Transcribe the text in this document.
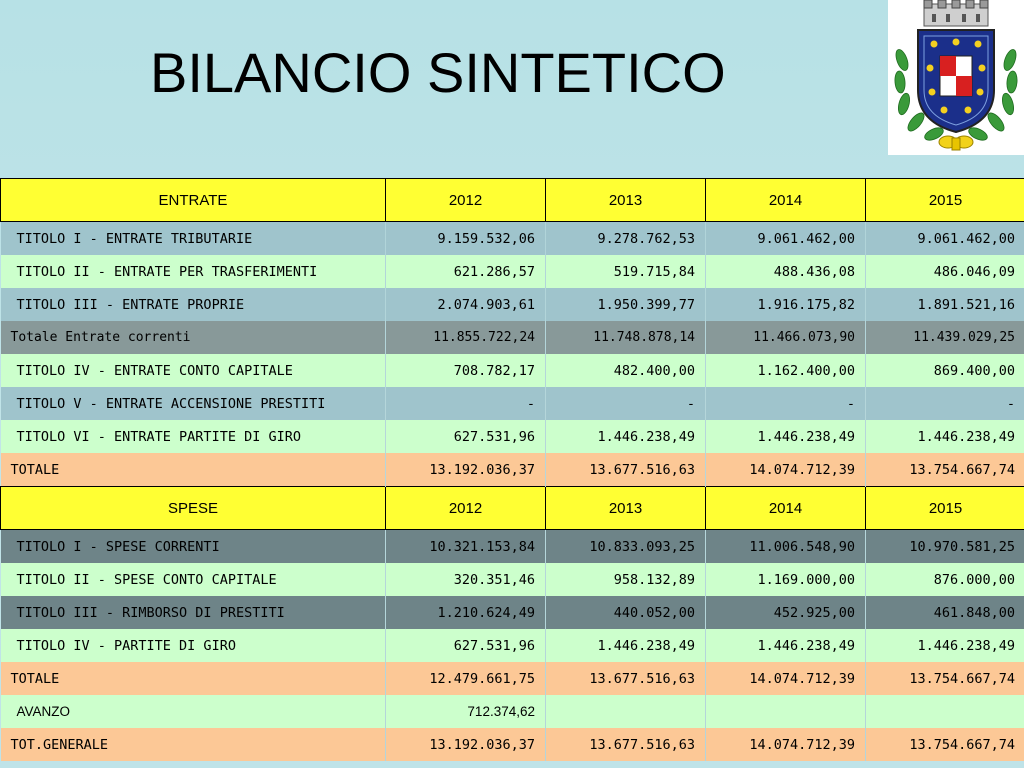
BILANCIO SINTETICO
ENTRATE	2012	2013	2014	2015
TITOLO I - ENTRATE TRIBUTARIE	9.159.532,06	9.278.762,53	9.061.462,00	9.061.462,00
TITOLO II - ENTRATE PER TRASFERIMENTI	621.286,57	519.715,84	488.436,08	486.046,09
TITOLO III - ENTRATE PROPRIE	2.074.903,61	1.950.399,77	1.916.175,82	1.891.521,16
Totale Entrate correnti	11.855.722,24	11.748.878,14	11.466.073,90	11.439.029,25
TITOLO IV - ENTRATE CONTO CAPITALE	708.782,17	482.400,00	1.162.400,00	869.400,00
TITOLO V - ENTRATE ACCENSIONE PRESTITI	-	-	-	-
TITOLO VI - ENTRATE PARTITE DI GIRO	627.531,96	1.446.238,49	1.446.238,49	1.446.238,49
TOTALE	13.192.036,37	13.677.516,63	14.074.712,39	13.754.667,74
SPESE	2012	2013	2014	2015
TITOLO I - SPESE CORRENTI	10.321.153,84	10.833.093,25	11.006.548,90	10.970.581,25
TITOLO II - SPESE CONTO CAPITALE	320.351,46	958.132,89	1.169.000,00	876.000,00
TITOLO III - RIMBORSO DI PRESTITI	1.210.624,49	440.052,00	452.925,00	461.848,00
TITOLO IV - PARTITE DI GIRO	627.531,96	1.446.238,49	1.446.238,49	1.446.238,49
TOTALE	12.479.661,75	13.677.516,63	14.074.712,39	13.754.667,74
AVANZO	712.374,62			
TOT.GENERALE	13.192.036,37	13.677.516,63	14.074.712,39	13.754.667,74
